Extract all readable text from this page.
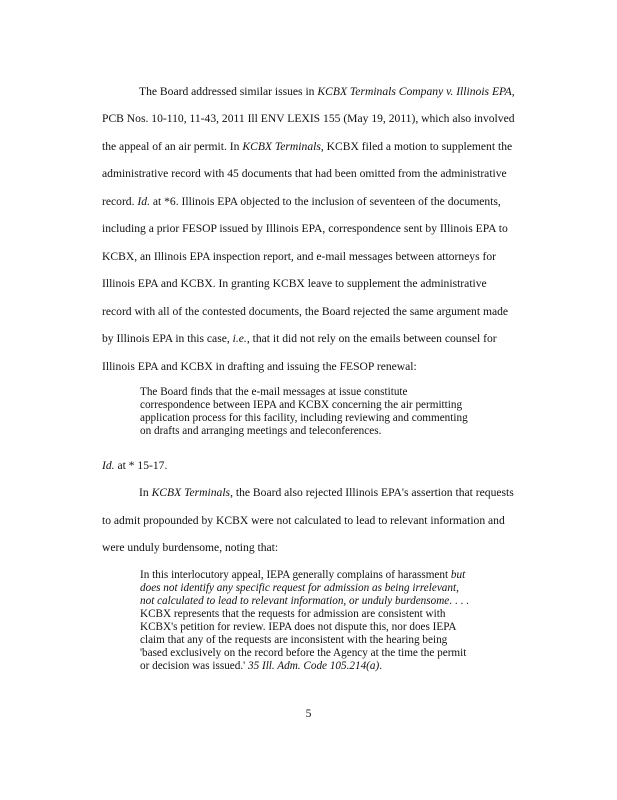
The Board addressed similar issues in KCBX Terminals Company v. Illinois EPA,
PCB Nos. 10-110, 11-43, 2011 Ill ENV LEXIS 155 (May 19, 2011), which also involved
the appeal of an air permit. In KCBX Terminals, KCBX filed a motion to supplement the
administrative record with 45 documents that had been omitted from the administrative
record. Id. at *6. Illinois EPA objected to the inclusion of seventeen of the documents,
including a prior FESOP issued by Illinois EPA, correspondence sent by Illinois EPA to
KCBX, an Illinois EPA inspection report, and e-mail messages between attorneys for
Illinois EPA and KCBX. In granting KCBX leave to supplement the administrative
record with all of the contested documents, the Board rejected the same argument made
by Illinois EPA in this case, i.e., that it did not rely on the emails between counsel for
Illinois EPA and KCBX in drafting and issuing the FESOP renewal:
The Board finds that the e-mail messages at issue constitute
correspondence between IEPA and KCBX concerning the air permitting
application process for this facility, including reviewing and commenting
on drafts and arranging meetings and teleconferences.
Id. at * 15-17.
In KCBX Terminals, the Board also rejected Illinois EPA's assertion that requests
to admit propounded by KCBX were not calculated to lead to relevant information and
were unduly burdensome, noting that:
In this interlocutory appeal, IEPA generally complains of harassment but
does not identify any specific request for admission as being irrelevant,
not calculated to lead to relevant information, or unduly burdensome. . . .
KCBX represents that the requests for admission are consistent with
KCBX's petition for review. IEPA does not dispute this, nor does IEPA
claim that any of the requests are inconsistent with the hearing being
'based exclusively on the record before the Agency at the time the permit
or decision was issued.' 35 Ill. Adm. Code 105.214(a).
5
